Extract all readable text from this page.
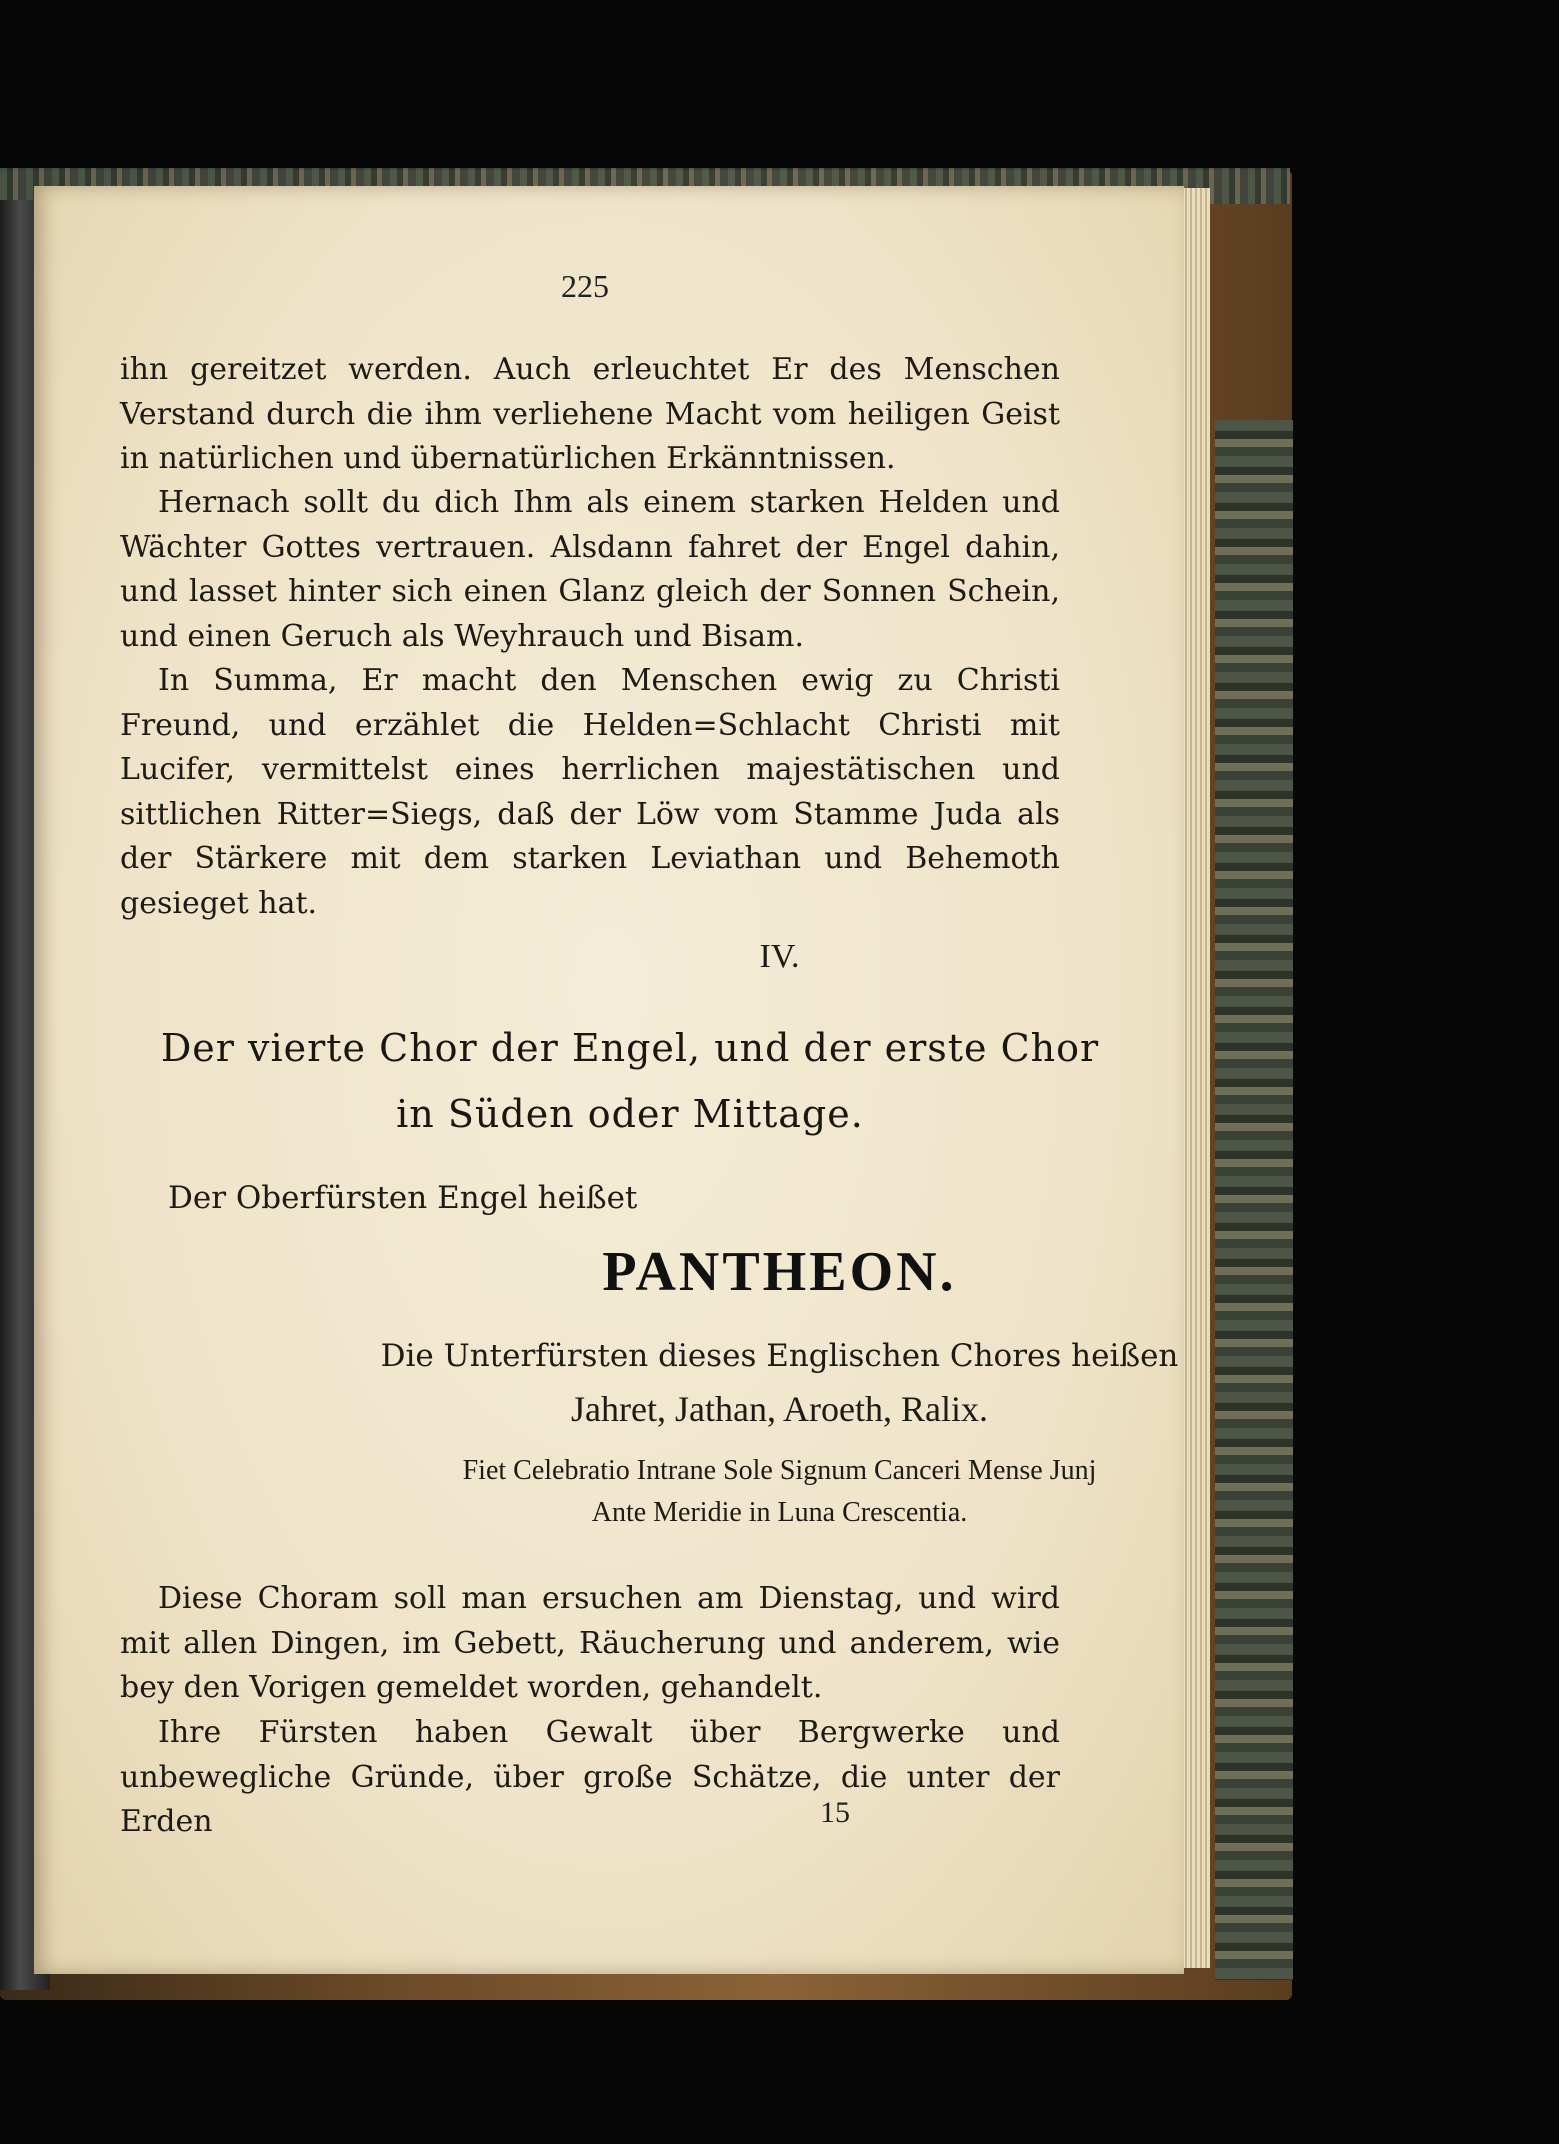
225

ihn gereitzet werden. Auch erleuchtet Er des Menschen Verstand durch die ihm verliehene Macht vom heiligen Geist in natürlichen und übernatürlichen Erkänntnissen.

Hernach sollt du dich Ihm als einem starken Helden und Wächter Gottes vertrauen. Alsdann fahret der Engel dahin, und lasset hinter sich einen Glanz gleich der Sonnen Schein, und einen Geruch als Weyhrauch und Bisam.

In Summa, Er macht den Menschen ewig zu Christi Freund, und erzählet die Helden=Schlacht Christi mit Lucifer, vermittelst eines herrlichen majestätischen und sittlichen Ritter=Siegs, daß der Löw vom Stamme Juda als der Stärkere mit dem starken Leviathan und Behemoth gesieget hat.

IV.
Der vierte Chor der Engel, und der erste Chor
in Süden oder Mittage.
Der Oberfürsten Engel heißet
PANTHEON.
Die Unterfürsten dieses Englischen Chores heißen
Jahret, Jathan, Aroeth, Ralix.
Fiet Celebratio Intrane Sole Signum Canceri Mense Junj
Ante Meridie in Luna Crescentia.

Diese Choram soll man ersuchen am Dienstag, und wird mit allen Dingen, im Gebett, Räucherung und anderem, wie bey den Vorigen gemeldet worden, gehandelt.

Ihre Fürsten haben Gewalt über Bergwerke und unbewegliche Gründe, über große Schätze, die unter der Erden	15
